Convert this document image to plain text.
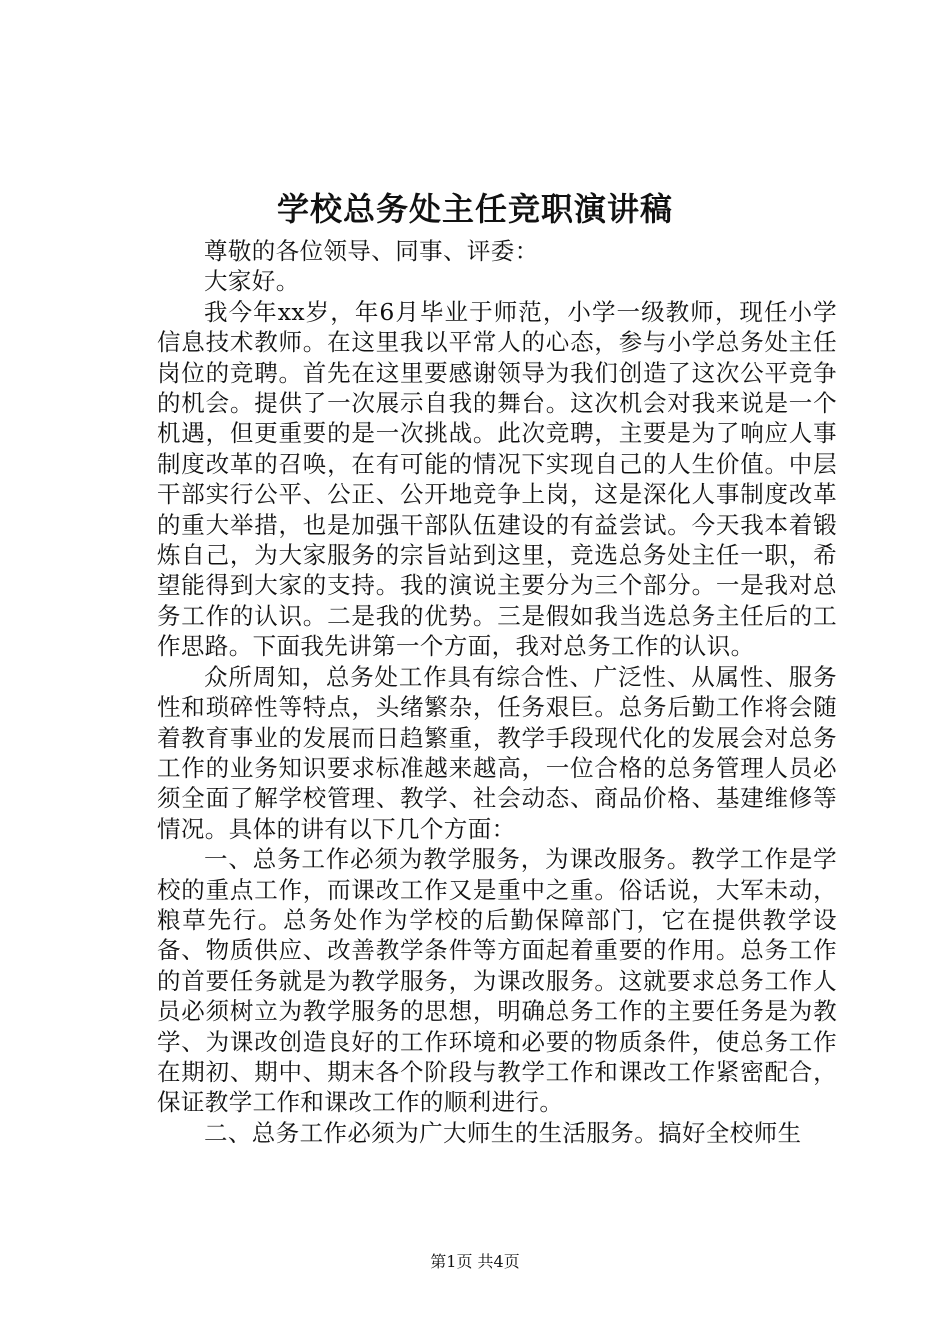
学校总务处主任竞职演讲稿

尊敬的各位领导、同事、评委：

大家好。

我今年xx岁，年6月毕业于师范，小学一级教师，现任小学信息技术教师。在这里我以平常人的心态，参与小学总务处主任岗位的竞聘。首先在这里要感谢领导为我们创造了这次公平竞争的机会。提供了一次展示自我的舞台。这次机会对我来说是一个机遇，但更重要的是一次挑战。此次竞聘，主要是为了响应人事制度改革的召唤，在有可能的情况下实现自己的人生价值。中层干部实行公平、公正、公开地竞争上岗，这是深化人事制度改革的重大举措，也是加强干部队伍建设的有益尝试。今天我本着锻炼自己，为大家服务的宗旨站到这里，竞选总务处主任一职，希望能得到大家的支持。我的演说主要分为三个部分。一是我对总务工作的认识。二是我的优势。三是假如我当选总务主任后的工作思路。下面我先讲第一个方面，我对总务工作的认识。

众所周知，总务处工作具有综合性、广泛性、从属性、服务性和琐碎性等特点，头绪繁杂，任务艰巨。总务后勤工作将会随着教育事业的发展而日趋繁重，教学手段现代化的发展会对总务工作的业务知识要求标准越来越高，一位合格的总务管理人员必须全面了解学校管理、教学、社会动态、商品价格、基建维修等情况。具体的讲有以下几个方面：

一、总务工作必须为教学服务，为课改服务。教学工作是学校的重点工作，而课改工作又是重中之重。俗话说，大军未动，粮草先行。总务处作为学校的后勤保障部门，它在提供教学设备、物质供应、改善教学条件等方面起着重要的作用。总务工作的首要任务就是为教学服务，为课改服务。这就要求总务工作人员必须树立为教学服务的思想，明确总务工作的主要任务是为教学、为课改创造良好的工作环境和必要的物质条件，使总务工作在期初、期中、期末各个阶段与教学工作和课改工作紧密配合，保证教学工作和课改工作的顺利进行。

二、总务工作必须为广大师生的生活服务。搞好全校师生

第1页 共4页
